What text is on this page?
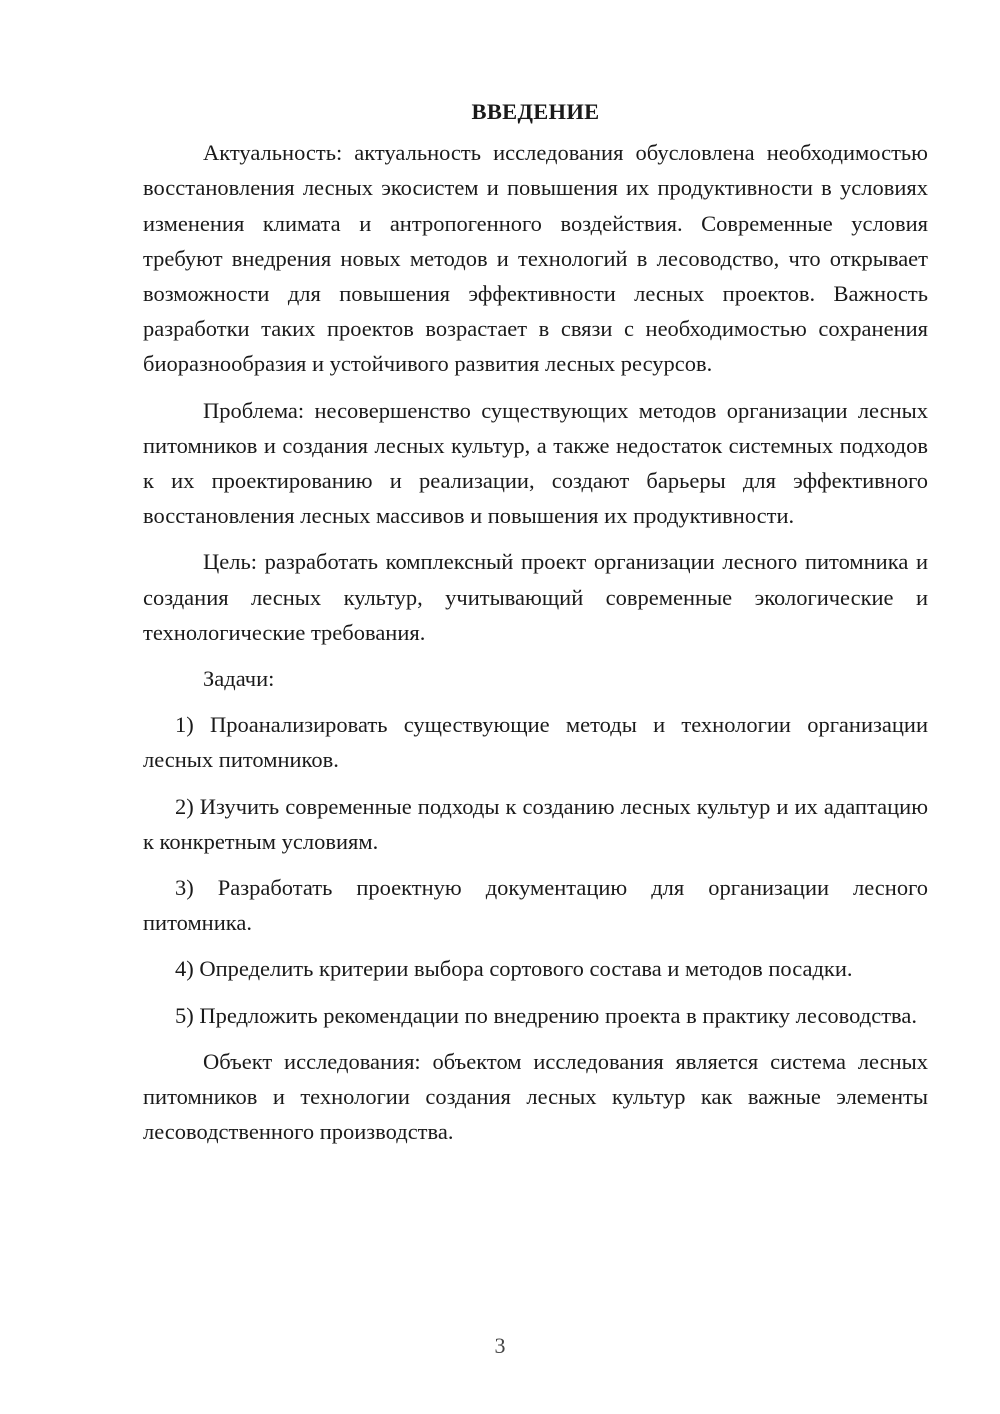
ВВЕДЕНИЕ

Актуальность: актуальность исследования обусловлена необходимостью восстановления лесных экосистем и повышения их продуктивности в условиях изменения климата и антропогенного воздействия. Современные условия требуют внедрения новых методов и технологий в лесоводство, что открывает возможности для повышения эффективности лесных проектов. Важность разработки таких проектов возрастает в связи с необходимостью сохранения биоразнообразия и устойчивого развития лесных ресурсов.

Проблема: несовершенство существующих методов организации лесных питомников и создания лесных культур, а также недостаток системных подходов к их проектированию и реализации, создают барьеры для эффективного восстановления лесных массивов и повышения их продуктивности.

Цель: разработать комплексный проект организации лесного питомника и создания лесных культур, учитывающий современные экологические и технологические требования.

Задачи:

1) Проанализировать существующие методы и технологии организации лесных питомников.

2) Изучить современные подходы к созданию лесных культур и их адаптацию к конкретным условиям.

3) Разработать проектную документацию для организации лесного питомника.

4) Определить критерии выбора сортового состава и методов посадки.

5) Предложить рекомендации по внедрению проекта в практику лесоводства.

Объект исследования: объектом исследования является система лесных питомников и технологии создания лесных культур как важные элементы лесоводственного производства.

3
